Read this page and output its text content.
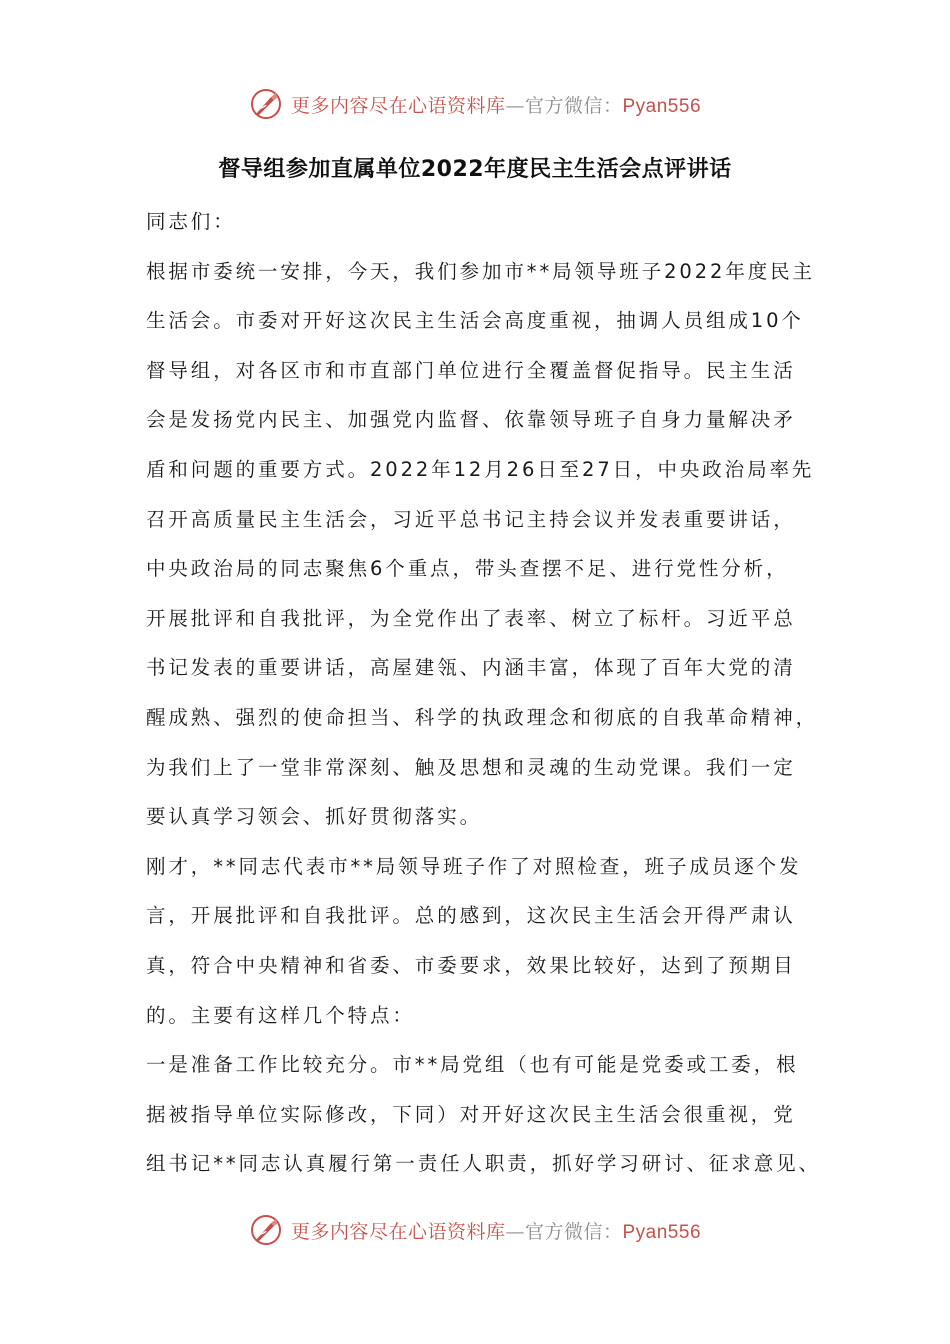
更多内容尽在心语资料库—官方微信：Pyan556
督导组参加直属单位2022年度民主生活会点评讲话
同志们：
根据市委统一安排，今天，我们参加市**局领导班子2022年度民主
生活会。市委对开好这次民主生活会高度重视，抽调人员组成10个
督导组，对各区市和市直部门单位进行全覆盖督促指导。民主生活
会是发扬党内民主、加强党内监督、依靠领导班子自身力量解决矛
盾和问题的重要方式。2022年12月26日至27日，中央政治局率先
召开高质量民主生活会，习近平总书记主持会议并发表重要讲话，
中央政治局的同志聚焦6个重点，带头查摆不足、进行党性分析，
开展批评和自我批评，为全党作出了表率、树立了标杆。习近平总
书记发表的重要讲话，高屋建瓴、内涵丰富，体现了百年大党的清
醒成熟、强烈的使命担当、科学的执政理念和彻底的自我革命精神，
为我们上了一堂非常深刻、触及思想和灵魂的生动党课。我们一定
要认真学习领会、抓好贯彻落实。
刚才，**同志代表市**局领导班子作了对照检查，班子成员逐个发
言，开展批评和自我批评。总的感到，这次民主生活会开得严肃认
真，符合中央精神和省委、市委要求，效果比较好，达到了预期目
的。主要有这样几个特点：
一是准备工作比较充分。市**局党组（也有可能是党委或工委，根
据被指导单位实际修改，下同）对开好这次民主生活会很重视，党
组书记**同志认真履行第一责任人职责，抓好学习研讨、征求意见、
更多内容尽在心语资料库—官方微信：Pyan556
